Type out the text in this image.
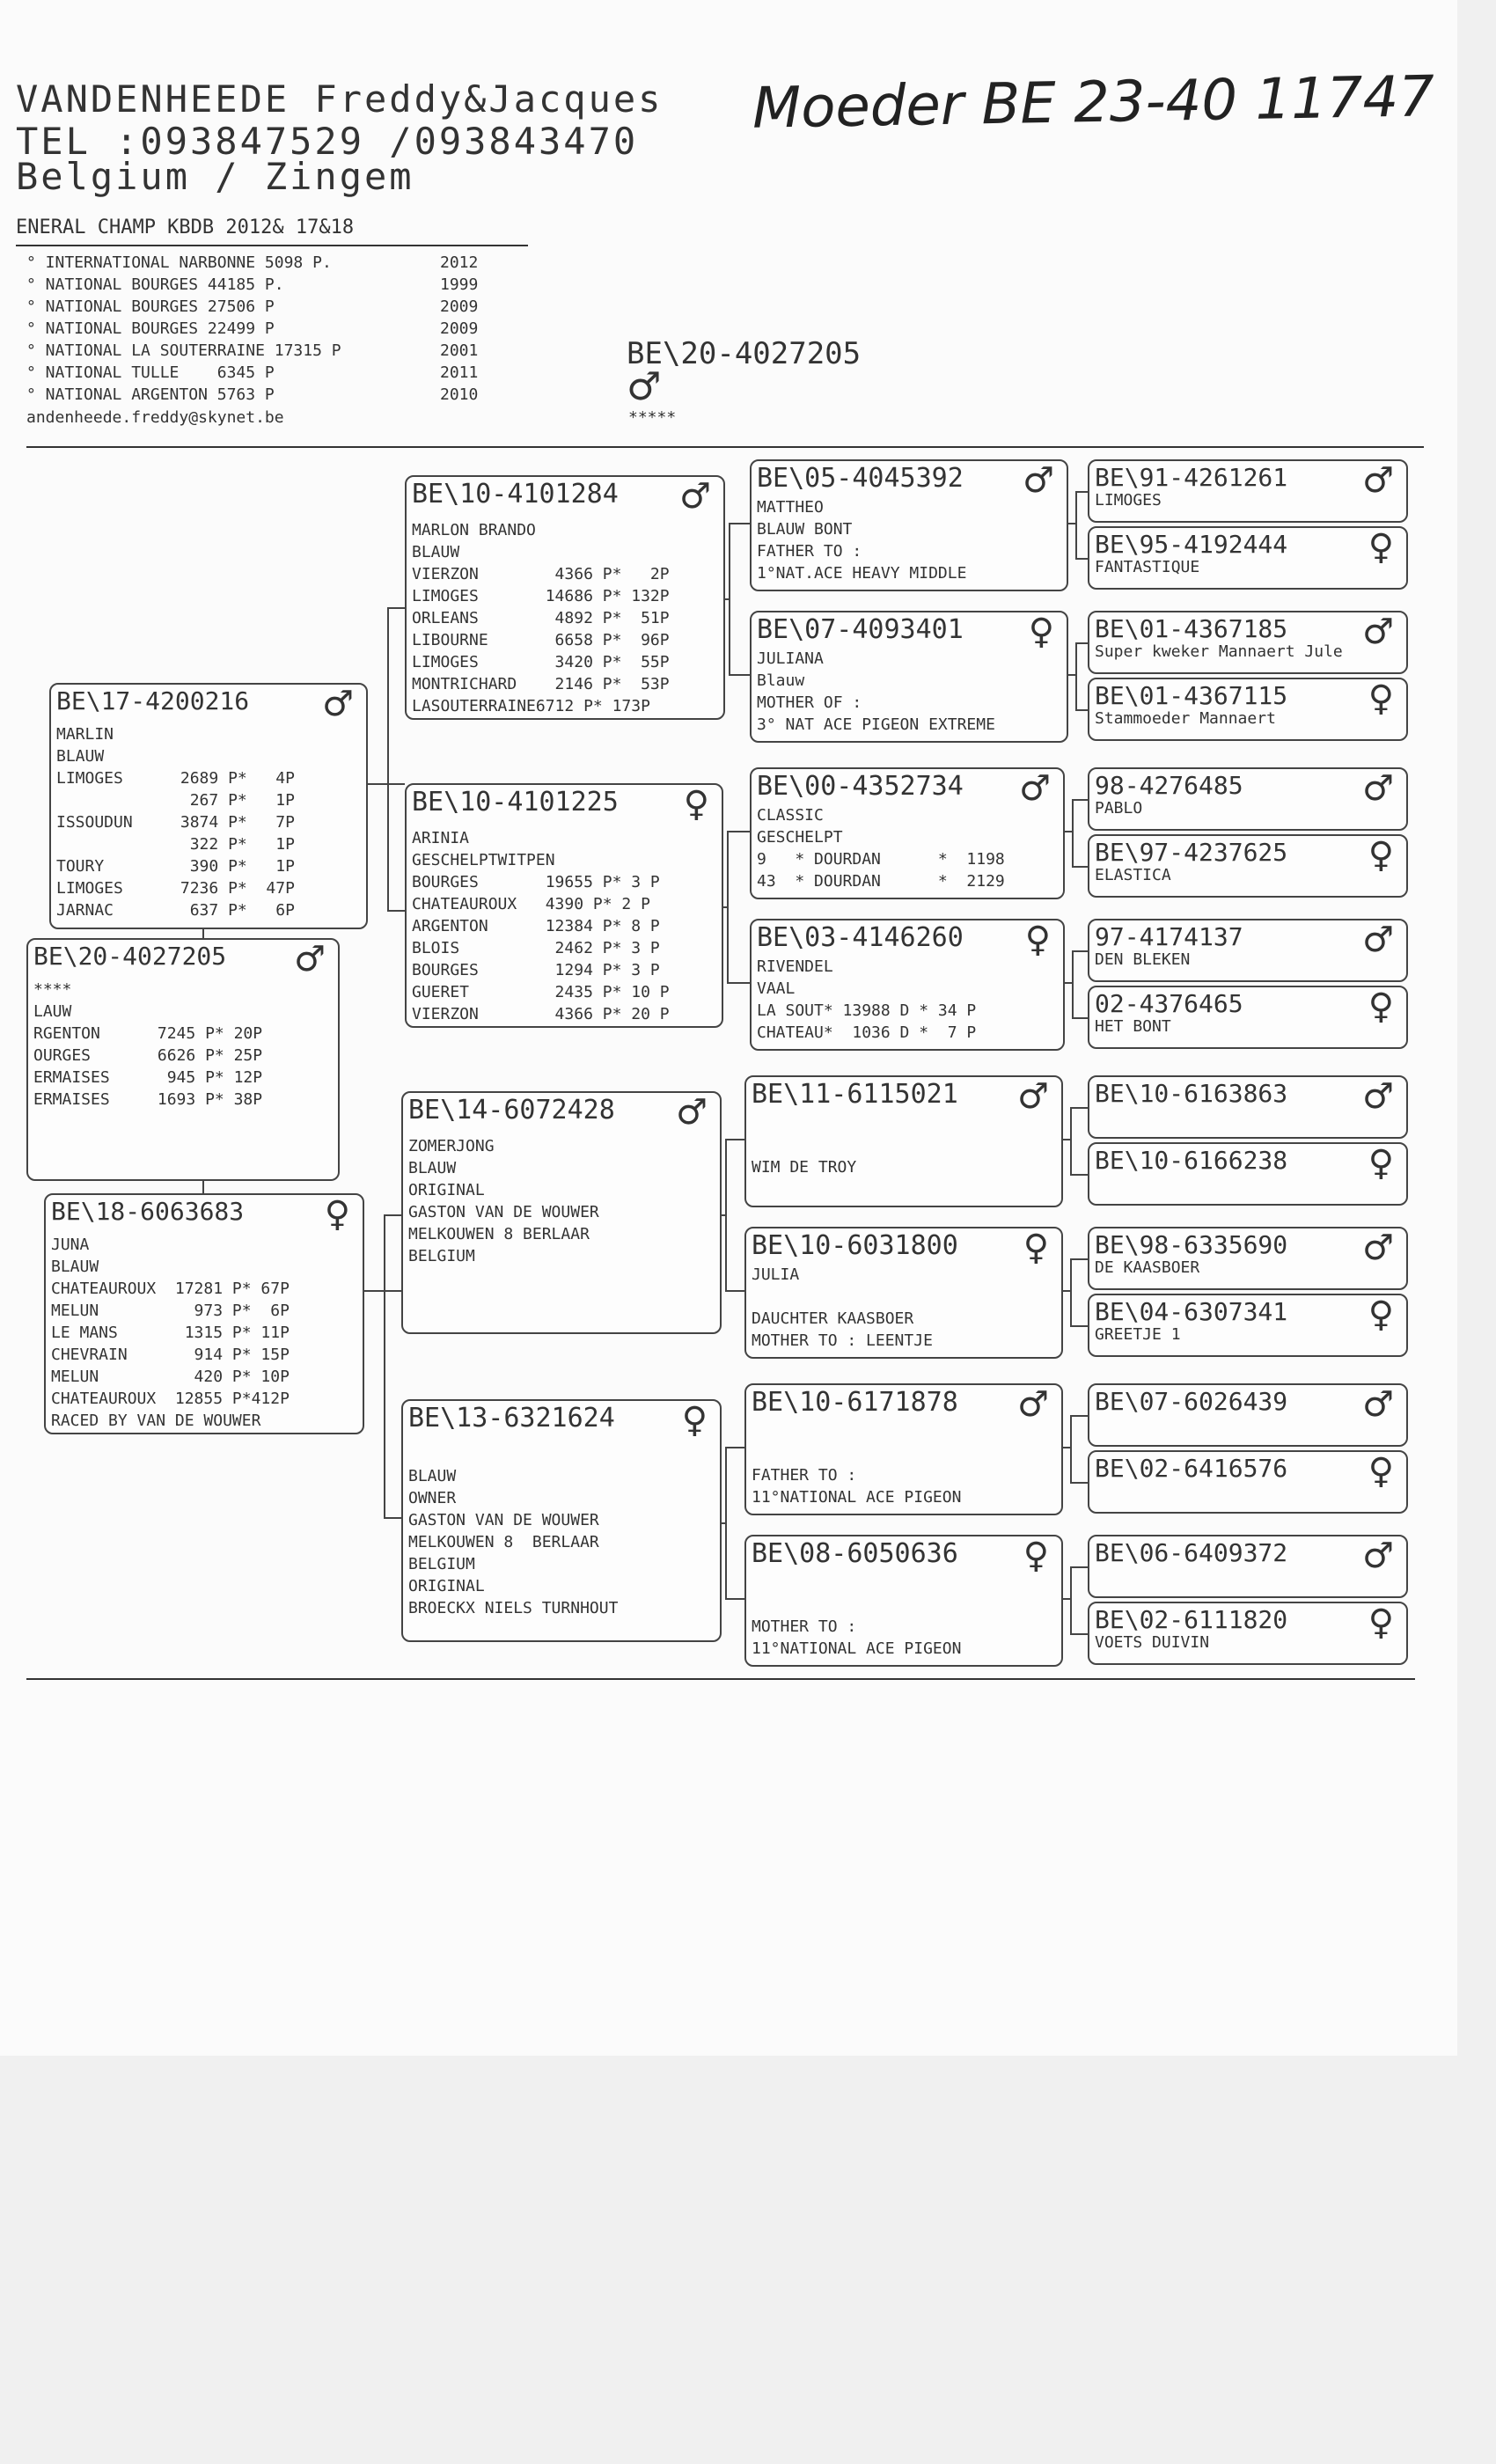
VANDENHEEDE Freddy&Jacques
TEL :093847529 /093843470
Belgium / Zingem
ENERAL CHAMP KBDB 2012& 17&18
Moeder BE 23-40 11747
° INTERNATIONAL NARBONNE 5098 P.	2012
° NATIONAL BOURGES 44185 P.	1999
° NATIONAL BOURGES 27506 P	2009
° NATIONAL BOURGES 22499 P	2009
° NATIONAL LA SOUTERRAINE 17315 P	2001
° NATIONAL TULLE    6345 P	2011
° NATIONAL ARGENTON 5763 P	2010
andenheede.freddy@skynet.be
BE\20-4027205
♂
*****
BE\20-4027205 ♂
****
LAUW
RGENTON      7245 P* 20P
OURGES       6626 P* 25P
ERMAISES      945 P* 12P
ERMAISES     1693 P* 38P
BE\17-4200216 ♂
MARLIN
BLAUW
LIMOGES      2689 P*   4P
267 P*   1P
ISSOUDUN     3874 P*   7P
322 P*   1P
TOURY         390 P*   1P
LIMOGES      7236 P*  47P
JARNAC        637 P*   6P
BE\18-6063683 ♀
JUNA
BLAUW
CHATEAUROUX  17281 P* 67P
MELUN          973 P*  6P
LE MANS       1315 P* 11P
CHEVRAIN       914 P* 15P
MELUN          420 P* 10P
CHATEAUROUX  12855 P*412P
RACED BY VAN DE WOUWER
BE\10-4101284 ♂
MARLON BRANDO
BLAUW
VIERZON        4366 P*   2P
LIMOGES       14686 P* 132P
ORLEANS        4892 P*  51P
LIBOURNE       6658 P*  96P
LIMOGES        3420 P*  55P
MONTRICHARD    2146 P*  53P
LASOUTERRAINE6712 P* 173P
BE\10-4101225 ♀
ARINIA
GESCHELPTWITPEN
BOURGES       19655 P* 3 P
CHATEAUROUX   4390 P* 2 P
ARGENTON      12384 P* 8 P
BLOIS          2462 P* 3 P
BOURGES        1294 P* 3 P
GUERET         2435 P* 10 P
VIERZON        4366 P* 20 P
BE\14-6072428 ♂
ZOMERJONG
BLAUW
ORIGINAL
GASTON VAN DE WOUWER
MELKOUWEN 8 BERLAAR
BELGIUM
BE\13-6321624 ♀

BLAUW
OWNER
GASTON VAN DE WOUWER
MELKOUWEN 8  BERLAAR
BELGIUM
ORIGINAL
BROECKX NIELS TURNHOUT
BE\05-4045392 ♂
MATTHEO
BLAUW BONT
FATHER TO :
1°NAT.ACE HEAVY MIDDLE
BE\07-4093401 ♀
JULIANA
Blauw
MOTHER OF :
3° NAT ACE PIGEON EXTREME
BE\00-4352734 ♂
CLASSIC
GESCHELPT
9   * DOURDAN      *  1198
43  * DOURDAN      *  2129
BE\03-4146260 ♀
RIVENDEL
VAAL
LA SOUT* 13988 D * 34 P
CHATEAU*  1036 D *  7 P
BE\11-6115021 ♂

WIM DE TROY

BE\10-6031800 ♀
JULIA

DAUCHTER KAASBOER
MOTHER TO : LEENTJE
BE\10-6171878 ♂

FATHER TO :
11°NATIONAL ACE PIGEON
BE\08-6050636 ♀

MOTHER TO :
11°NATIONAL ACE PIGEON
BE\91-4261261 ♂
LIMOGES
BE\95-4192444 ♀
FANTASTIQUE
BE\01-4367185 ♂
Super kweker Mannaert Jule
BE\01-4367115 ♀
Stammoeder Mannaert
98-4276485	♂
PABLO
BE\97-4237625 ♀
ELASTICA
97-4174137	♂
DEN BLEKEN
02-4376465	♀
HET BONT
BE\10-6163863 ♂

BE\10-6166238 ♀

BE\98-6335690 ♂
DE KAASBOER
BE\04-6307341 ♀
GREETJE 1
BE\07-6026439 ♂

BE\02-6416576 ♀

BE\06-6409372 ♂

BE\02-6111820 ♀
VOETS DUIVIN
